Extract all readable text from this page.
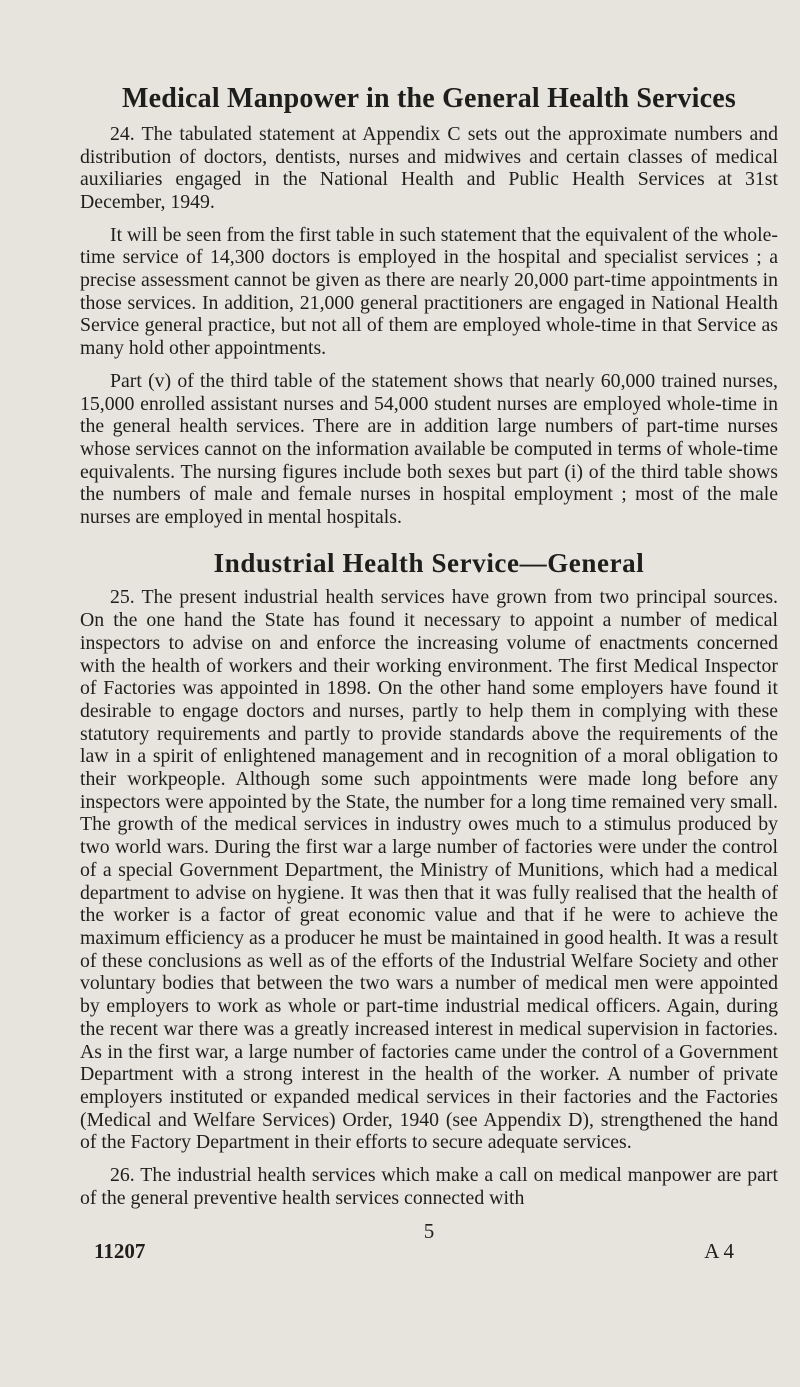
Medical Manpower in the General Health Services

24. The tabulated statement at Appendix C sets out the approximate numbers and distribution of doctors, dentists, nurses and midwives and certain classes of medical auxiliaries engaged in the National Health and Public Health Services at 31st December, 1949.

It will be seen from the first table in such statement that the equivalent of the whole-time service of 14,300 doctors is employed in the hospital and specialist services ; a precise assessment cannot be given as there are nearly 20,000 part-time appointments in those services. In addition, 21,000 general practitioners are engaged in National Health Service general practice, but not all of them are employed whole-time in that Service as many hold other appointments.

Part (v) of the third table of the statement shows that nearly 60,000 trained nurses, 15,000 enrolled assistant nurses and 54,000 student nurses are employed whole-time in the general health services. There are in addition large numbers of part-time nurses whose services cannot on the information available be computed in terms of whole-time equivalents. The nursing figures include both sexes but part (i) of the third table shows the numbers of male and female nurses in hospital employment ; most of the male nurses are employed in mental hospitals.

Industrial Health Service—General

25. The present industrial health services have grown from two principal sources. On the one hand the State has found it necessary to appoint a number of medical inspectors to advise on and enforce the increasing volume of enactments concerned with the health of workers and their working environment. The first Medical Inspector of Factories was appointed in 1898. On the other hand some employers have found it desirable to engage doctors and nurses, partly to help them in complying with these statutory requirements and partly to provide standards above the requirements of the law in a spirit of enlightened management and in recognition of a moral obligation to their workpeople. Although some such appointments were made long before any inspectors were appointed by the State, the number for a long time remained very small. The growth of the medical services in industry owes much to a stimulus produced by two world wars. During the first war a large number of factories were under the control of a special Government Department, the Ministry of Munitions, which had a medical department to advise on hygiene. It was then that it was fully realised that the health of the worker is a factor of great economic value and that if he were to achieve the maximum efficiency as a producer he must be maintained in good health. It was a result of these conclusions as well as of the efforts of the Industrial Welfare Society and other voluntary bodies that between the two wars a number of medical men were appointed by employers to work as whole or part-time industrial medical officers. Again, during the recent war there was a greatly increased interest in medical supervision in factories. As in the first war, a large number of factories came under the control of a Government Department with a strong interest in the health of the worker. A number of private employers instituted or expanded medical services in their factories and the Factories (Medical and Welfare Services) Order, 1940 (see Appendix D), strengthened the hand of the Factory Department in their efforts to secure adequate services.

26. The industrial health services which make a call on medical manpower are part of the general preventive health services connected with

5
11207	A 4
